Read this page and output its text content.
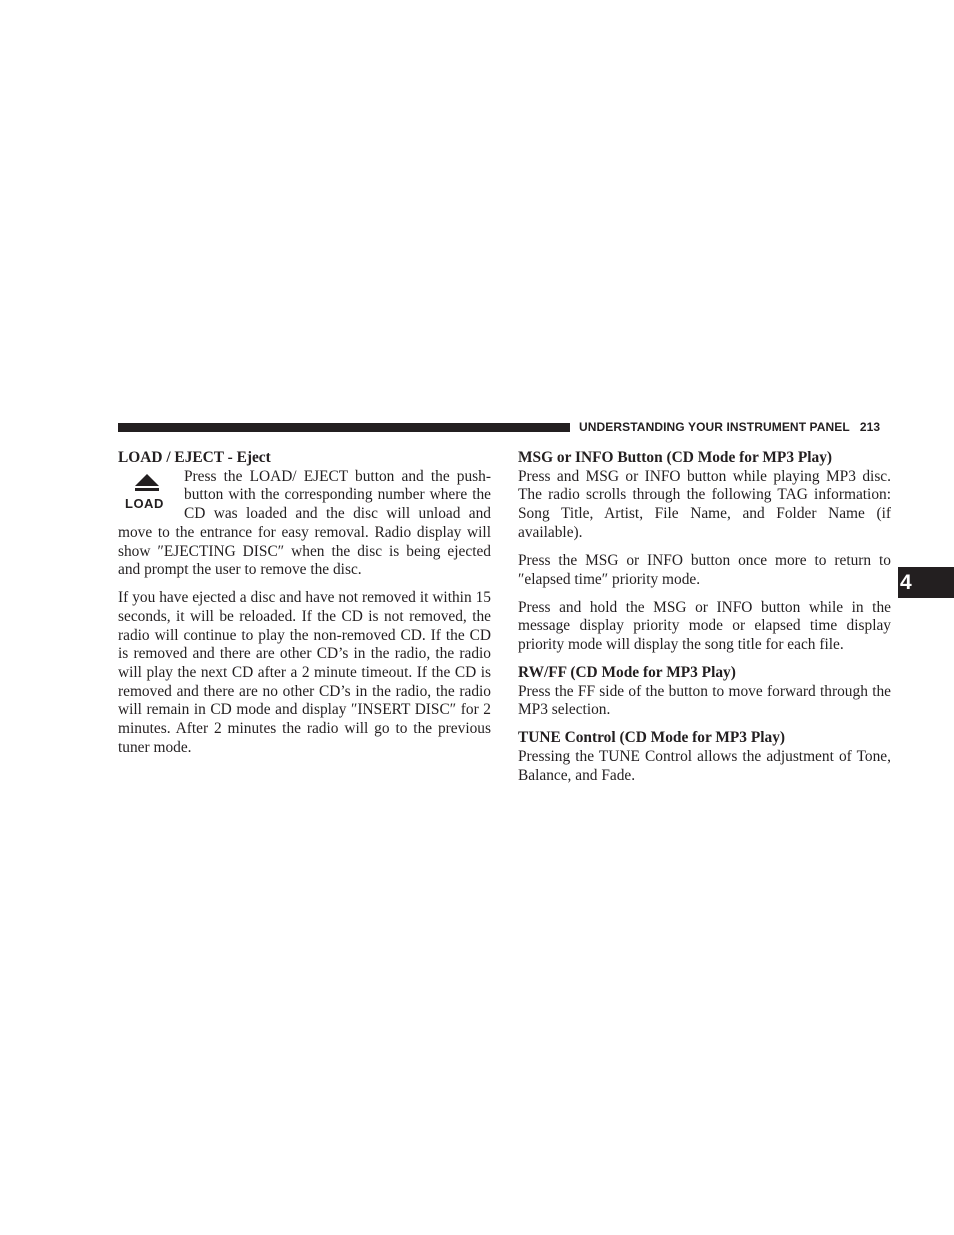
UNDERSTANDING YOUR INSTRUMENT PANEL 213
4
LOAD / EJECT - Eject
LOAD

Press the LOAD/ EJECT button and the push-button with the corresponding number where the CD was loaded and the disc will unload and move to the entrance for easy removal. Radio display will show ″EJECTING DISC″ when the disc is being ejected and prompt the user to remove the disc.

If you have ejected a disc and have not removed it within 15 seconds, it will be reloaded. If the CD is not removed, the radio will continue to play the non-removed CD. If the CD is removed and there are other CD’s in the radio, the radio will play the next CD after a 2 minute timeout. If the CD is removed and there are no other CD’s in the radio, the radio will remain in CD mode and display ″INSERT DISC″ for 2 minutes. After 2 minutes the radio will go to the previous tuner mode.

MSG or INFO Button (CD Mode for MP3 Play)

Press and MSG or INFO button while playing MP3 disc. The radio scrolls through the following TAG information: Song Title, Artist, File Name, and Folder Name (if available).

Press the MSG or INFO button once more to return to ″elapsed time″ priority mode.

Press and hold the MSG or INFO button while in the message display priority mode or elapsed time display priority mode will display the song title for each file.

RW/FF (CD Mode for MP3 Play)

Press the FF side of the button to move forward through the MP3 selection.

TUNE Control (CD Mode for MP3 Play)

Pressing the TUNE Control allows the adjustment of Tone, Balance, and Fade.
